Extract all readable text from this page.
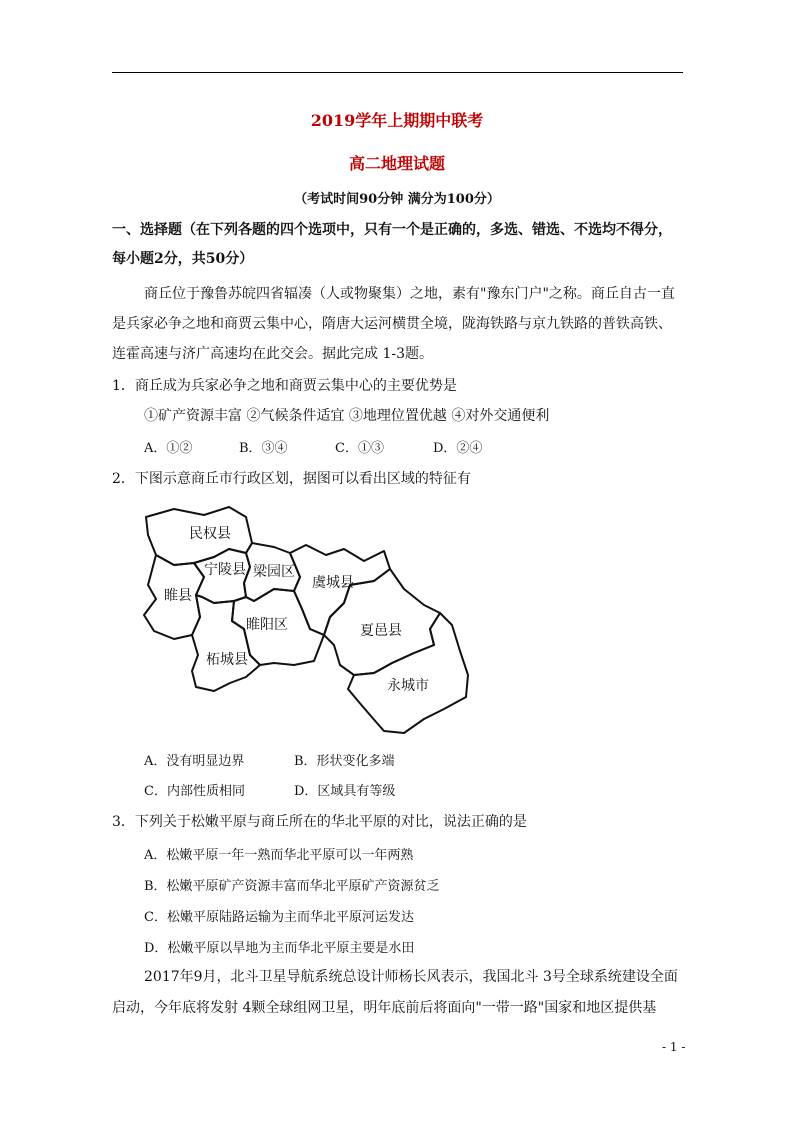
2019学年上期期中联考
高二地理试题
（考试时间90分钟 满分为100分）
一、选择题（在下列各题的四个选项中，只有一个是正确的，多选、错选、不选均不得分，
每小题2分，共50分）
商丘位于豫鲁苏皖四省辐凑（人或物聚集）之地，素有"豫东门户"之称。商丘自古一直
是兵家必争之地和商贾云集中心，隋唐大运河横贯全境，陇海铁路与京九铁路的普铁高铁、
连霍高速与济广高速均在此交会。据此完成 1-3题。
1．商丘成为兵家必争之地和商贾云集中心的主要优势是
①矿产资源丰富 ②气候条件适宜 ③地理位置优越 ④对外交通便利
A．①②	B．③④	C．①③	D．②④
2．下图示意商丘市行政区划，据图可以看出区域的特征有
民权县
宁陵县 梁园区
虞城县
睢县
睢阳区	夏邑县
柘城县
永城市
A．没有明显边界	B．形状变化多端
C．内部性质相同	D．区域具有等级
3．下列关于松嫩平原与商丘所在的华北平原的对比，说法正确的是
A．松嫩平原一年一熟而华北平原可以一年两熟
B．松嫩平原矿产资源丰富而华北平原矿产资源贫乏
C．松嫩平原陆路运输为主而华北平原河运发达
D．松嫩平原以旱地为主而华北平原主要是水田
2017年9月，北斗卫星导航系统总设计师杨长风表示，我国北斗 3号全球系统建设全面
启动，今年底将发射 4颗全球组网卫星，明年底前后将面向"一带一路"国家和地区提供基
- 1 -
